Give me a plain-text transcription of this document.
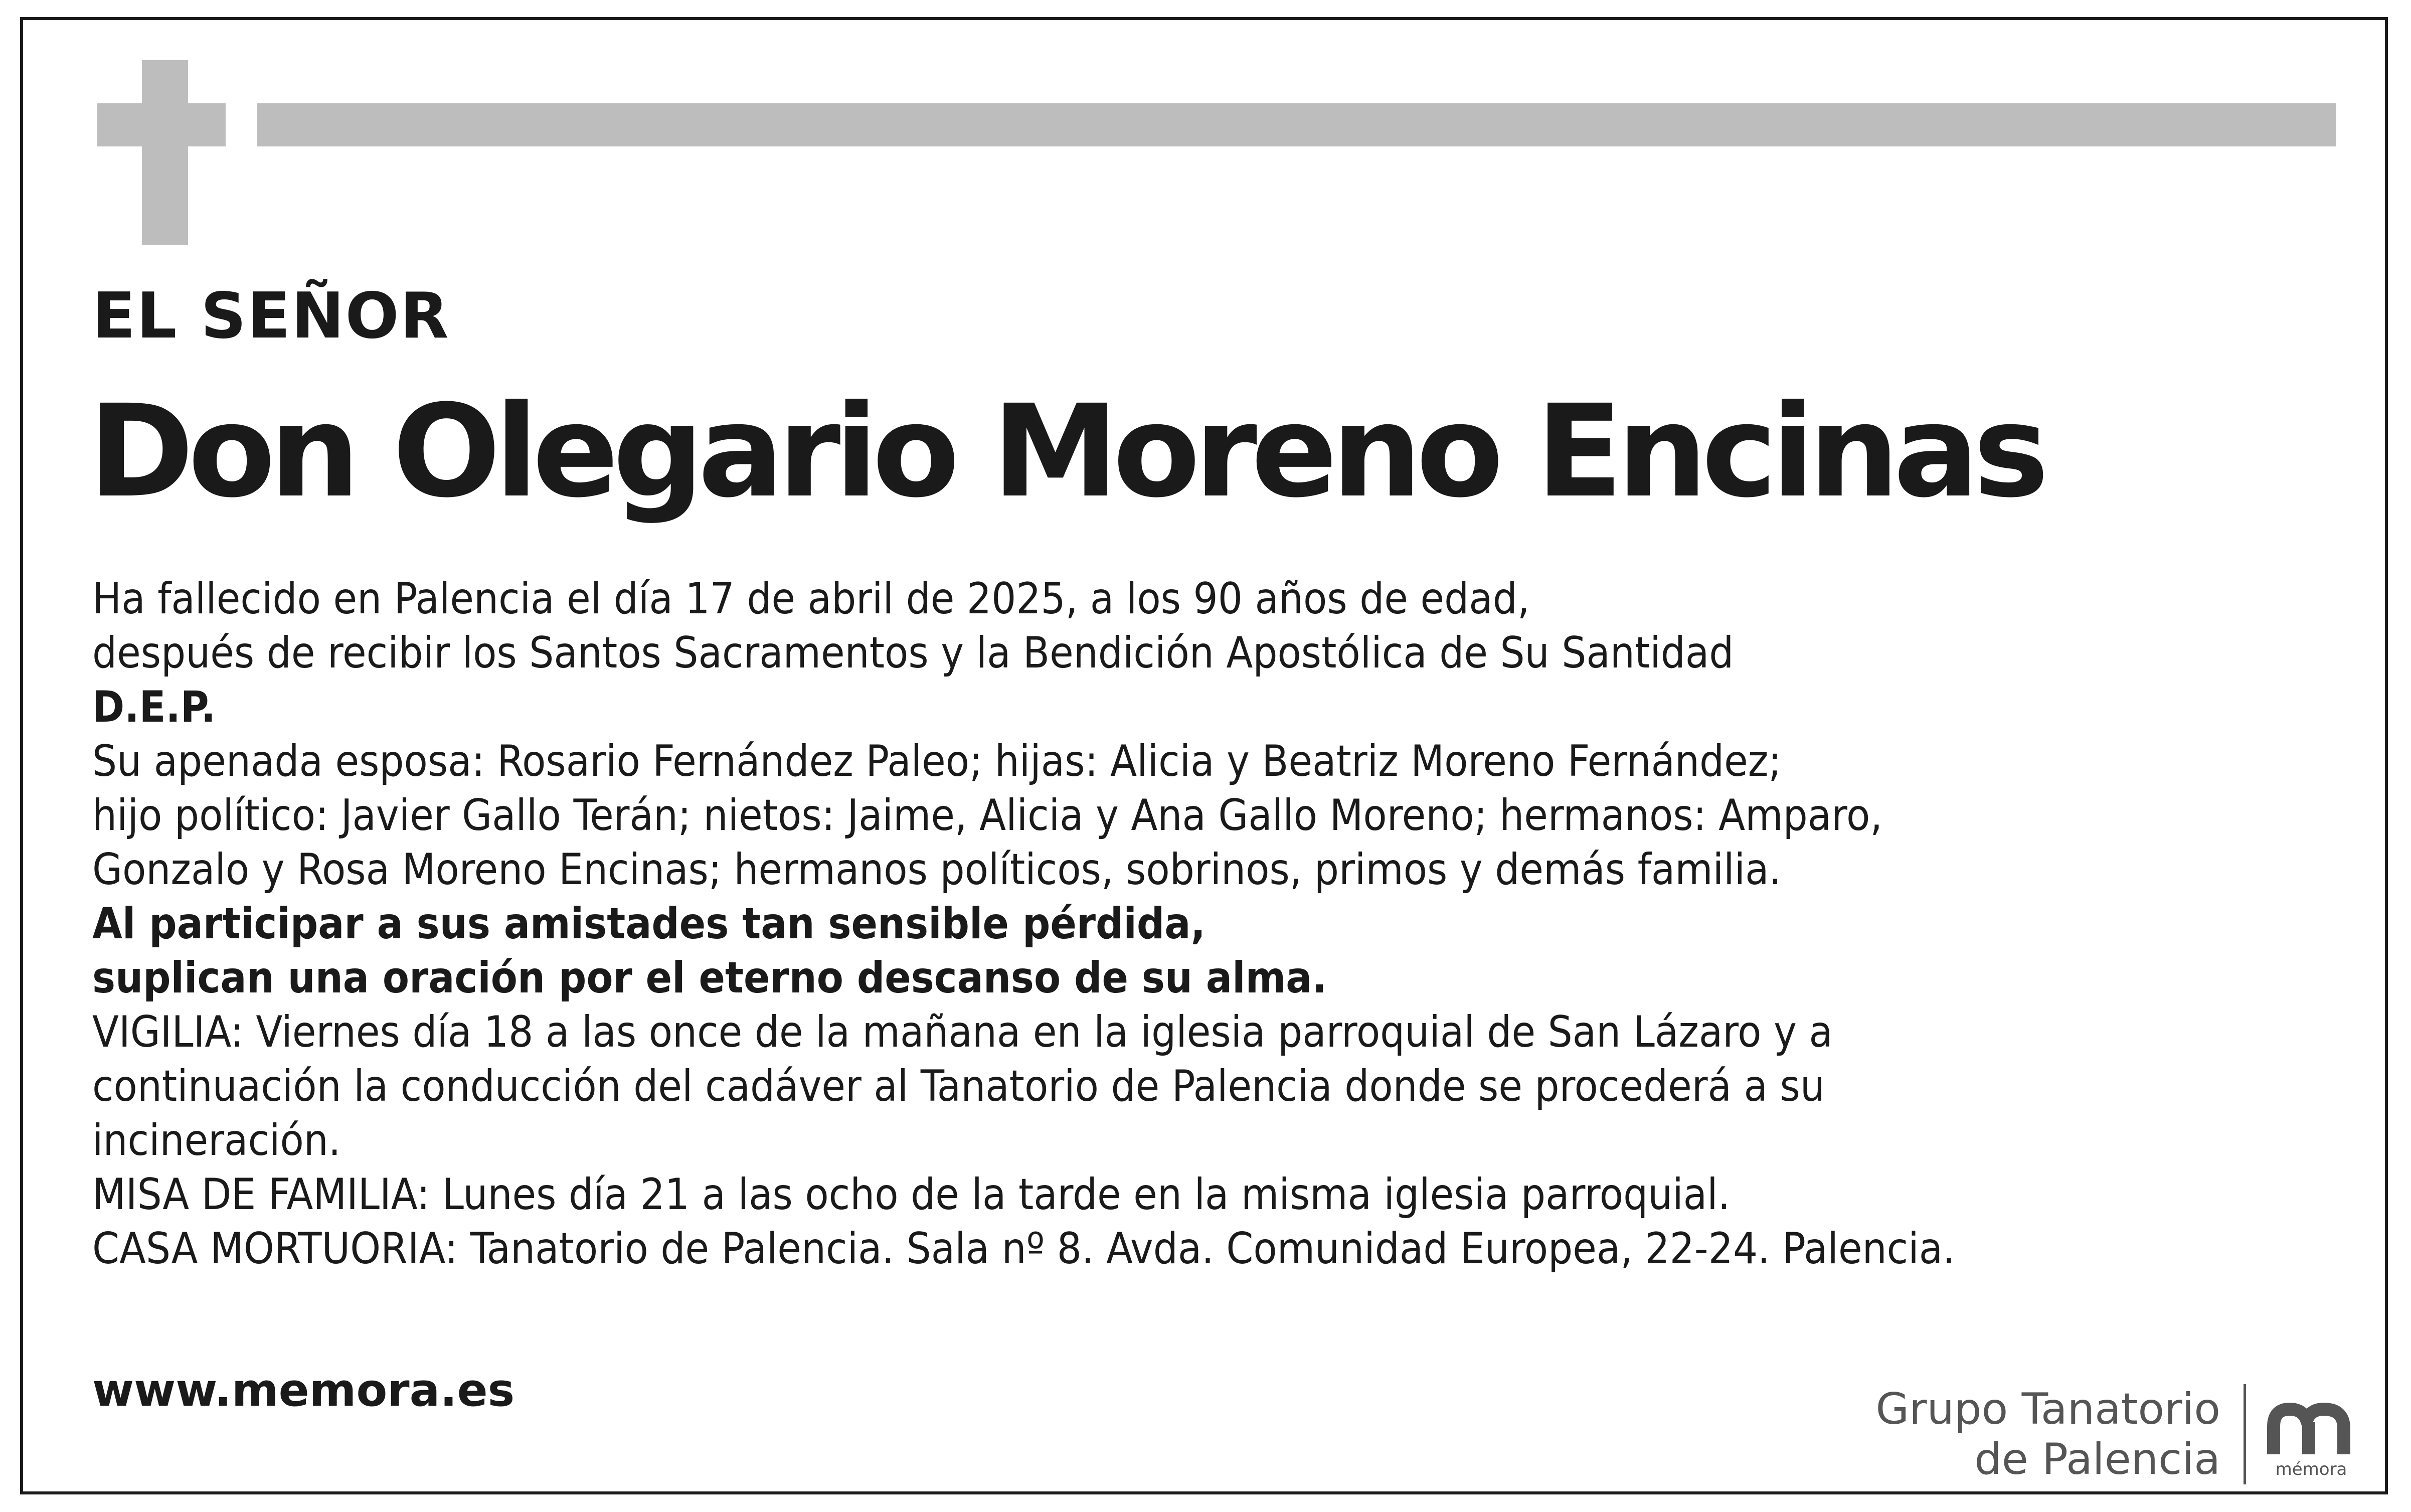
EL SEÑOR
Don Olegario Moreno Encinas
Ha fallecido en Palencia el día 17 de abril de 2025, a los 90 años de edad,
después de recibir los Santos Sacramentos y la Bendición Apostólica de Su Santidad
D.E.P.
Su apenada esposa: Rosario Fernández Paleo; hijas: Alicia y Beatriz Moreno Fernández;
hijo político: Javier Gallo Terán; nietos: Jaime, Alicia y Ana Gallo Moreno; hermanos: Amparo,
Gonzalo y Rosa Moreno Encinas; hermanos políticos, sobrinos, primos y demás familia.
Al participar a sus amistades tan sensible pérdida,
suplican una oración por el eterno descanso de su alma.
VIGILIA: Viernes día 18 a las once de la mañana en la iglesia parroquial de San Lázaro y a
continuación la conducción del cadáver al Tanatorio de Palencia donde se procederá a su
incineración.
MISA DE FAMILIA: Lunes día 21 a las ocho de la tarde en la misma iglesia parroquial.
CASA MORTUORIA: Tanatorio de Palencia. Sala nº 8. Avda. Comunidad Europea, 22-24. Palencia.
www.memora.es	Grupo Tanatorio
de Palencia	mémora
